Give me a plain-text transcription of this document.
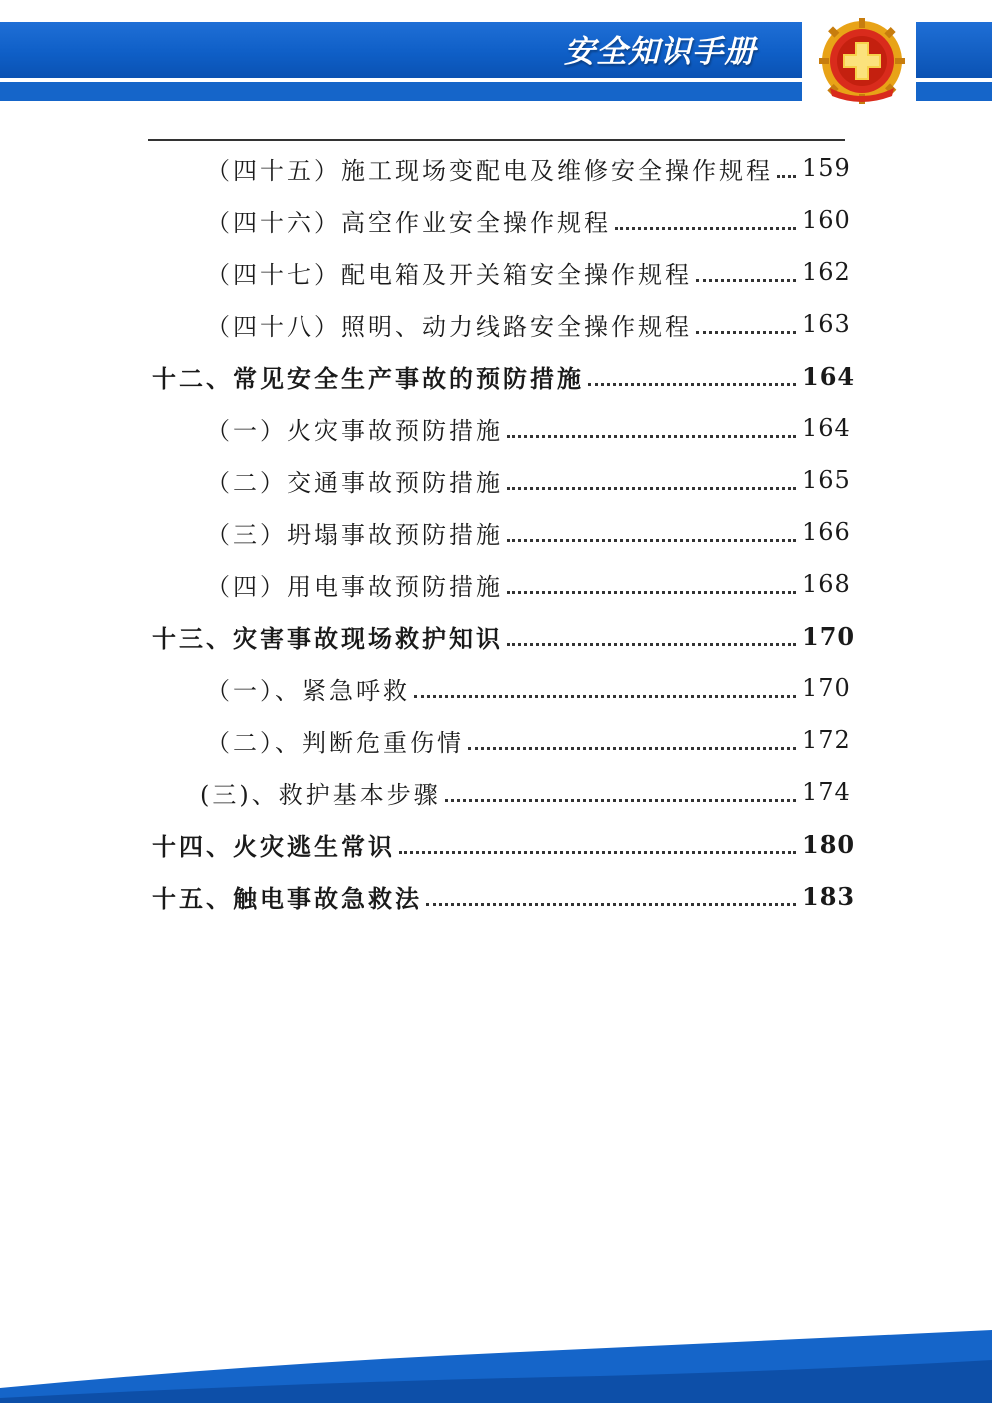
安全知识手册
（四十五）施工现场变配电及维修安全操作规程 159
（四十六）高空作业安全操作规程	160
（四十七）配电箱及开关箱安全操作规程	162
（四十八）照明、动力线路安全操作规程	163
十二、常见安全生产事故的预防措施	164
（一）火灾事故预防措施	164
（二）交通事故预防措施	165
（三）坍塌事故预防措施	166
（四）用电事故预防措施	168
十三、灾害事故现场救护知识	170
（一）、紧急呼救	170
（二）、判断危重伤情	172
(三)、救护基本步骤	174
十四、火灾逃生常识	180
十五、触电事故急救法	183
